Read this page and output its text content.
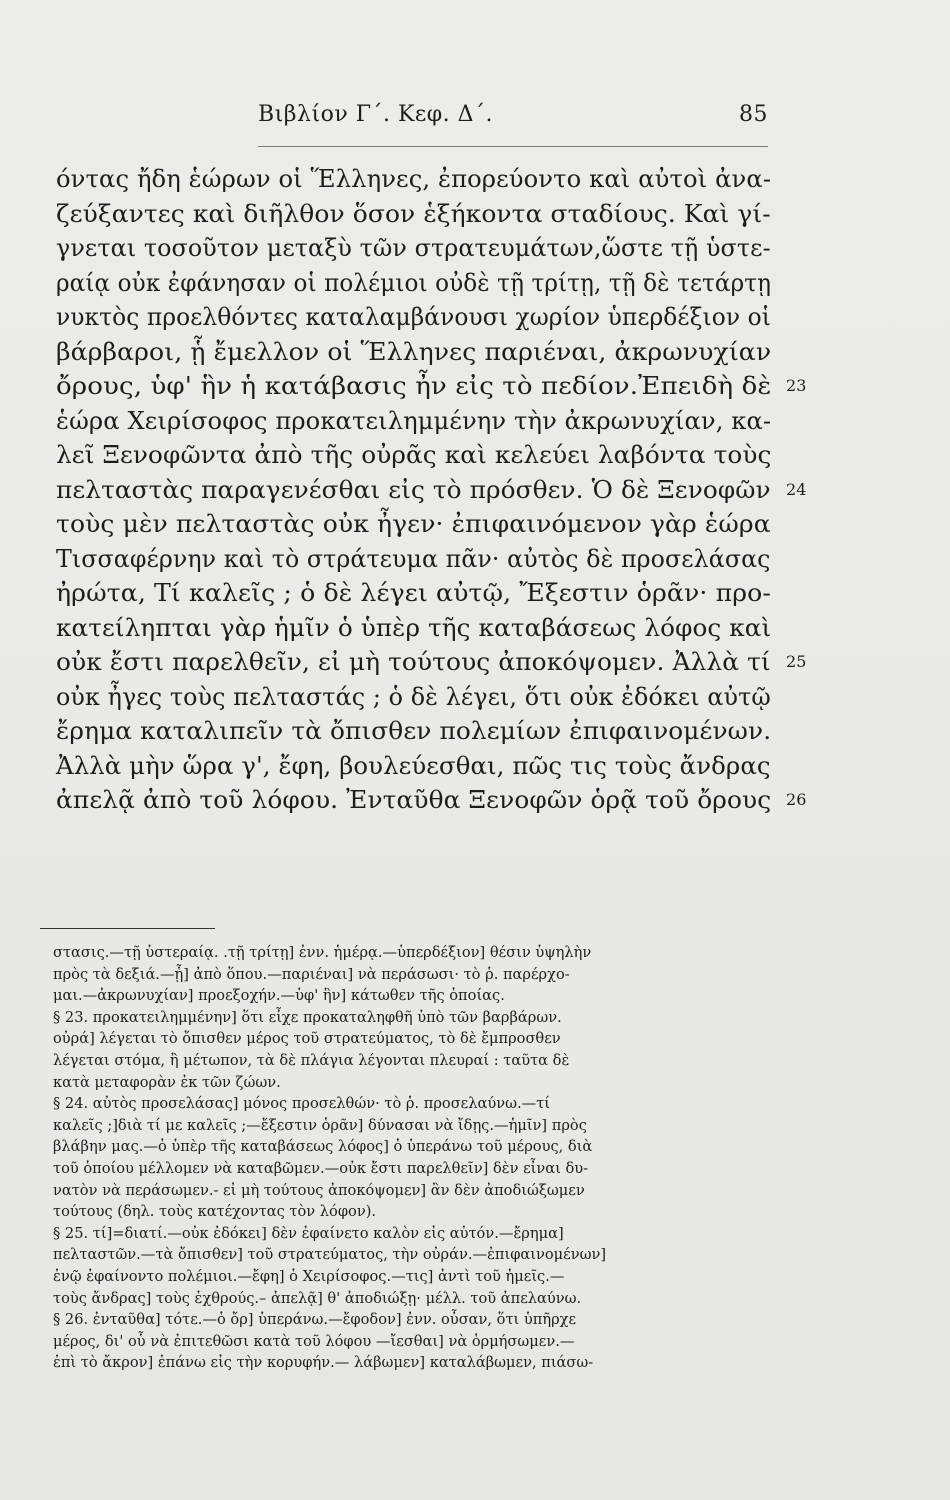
Βιβλίον Γ΄. Κεφ. Δ΄.	85
όντας ἤδη ἑώρων οἱ Ἕλληνες, ἐπορεύοντο καὶ αὐτοὶ ἀνα-
ζεύξαντες καὶ διῆλθον ὅσον ἑξήκοντα σταδίους. Καὶ γί-
γνεται τοσοῦτον μεταξὺ τῶν στρατευμάτων,ὥστε τῇ ὑστε-
ραίᾳ οὐκ ἐφάνησαν οἱ πολέμιοι οὐδὲ τῇ τρίτῃ, τῇ δὲ τετάρτῃ
νυκτὸς προελθόντες καταλαμβάνουσι χωρίον ὑπερδέξιον οἱ
βάρβαροι, ᾗ ἔμελλον οἱ Ἕλληνες παριέναι, ἀκρωνυχίαν
ὄρους, ὑφ' ἣν ἡ κατάβασις ἦν εἰς τὸ πεδίον.Ἐπειδὴ δὲ 23
ἑώρα Χειρίσοφος προκατειλημμένην τὴν ἀκρωνυχίαν, κα-
λεῖ Ξενοφῶντα ἀπὸ τῆς οὐρᾶς καὶ κελεύει λαβόντα τοὺς
πελταστὰς παραγενέσθαι εἰς τὸ πρόσθεν. Ὁ δὲ Ξενοφῶν 24
τοὺς μὲν πελταστὰς οὐκ ἦγεν· ἐπιφαινόμενον γὰρ ἑώρα
Τισσαφέρνην καὶ τὸ στράτευμα πᾶν· αὐτὸς δὲ προσελάσας
ἠρώτα, Τί καλεῖς ; ὁ δὲ λέγει αὐτῷ, Ἔξεστιν ὁρᾶν· προ-
κατείληπται γὰρ ἡμῖν ὁ ὑπὲρ τῆς καταβάσεως λόφος καὶ
οὐκ ἔστι παρελθεῖν, εἰ μὴ τούτους ἀποκόψομεν. Ἀλλὰ τί 25
οὐκ ἦγες τοὺς πελταστάς ; ὁ δὲ λέγει, ὅτι οὐκ ἐδόκει αὐτῷ
ἔρημα καταλιπεῖν τὰ ὄπισθεν πολεμίων ἐπιφαινομένων.
Ἀλλὰ μὴν ὥρα γ', ἔφη, βουλεύεσθαι, πῶς τις τοὺς ἄνδρας
ἀπελᾷ ἀπὸ τοῦ λόφου. Ἐνταῦθα Ξενοφῶν ὁρᾷ τοῦ ὄρους 26
στασις.—τῇ ὑστεραίᾳ. .τῇ τρίτῃ] ἐνν. ἡμέρᾳ.—ὑπερδέξιον] θέσιν ὑψηλὴν
πρὸς τὰ δεξιά.—ᾗ] ἀπὸ ὅπου.—παριέναι] νὰ περάσωσι· τὸ ῥ. παρέρχο-
μαι.—ἀκρωνυχίαν] προεξοχήν.—ὑφ' ἣν] κάτωθεν τῆς ὁποίας.
§ 23. προκατειλημμένην] ὅτι εἶχε προκαταληφθῆ ὑπὸ τῶν βαρβάρων.
οὐρά] λέγεται τὸ ὄπισθεν μέρος τοῦ στρατεύματος, τὸ δὲ ἔμπροσθεν
λέγεται στόμα, ἢ μέτωπον, τὰ δὲ πλάγια λέγονται πλευραί : ταῦτα δὲ
κατὰ μεταφορὰν ἐκ τῶν ζώων.
§ 24. αὐτὸς προσελάσας] μόνος προσελθών· τὸ ῥ. προσελαύνω.—τί
καλεῖς ;]διὰ τί με καλεῖς ;—ἔξεστιν ὁρᾶν] δύνασαι νὰ ἴδῃς.—ἡμῖν] πρὸς
βλάβην μας.—ὁ ὑπὲρ τῆς καταβάσεως λόφος] ὁ ὑπεράνω τοῦ μέρους, διὰ
τοῦ ὁποίου μέλλομεν νὰ καταβῶμεν.—οὐκ ἔστι παρελθεῖν] δὲν εἶναι δυ-
νατὸν νὰ περάσωμεν.- εἰ μὴ τούτους ἀποκόψομεν] ἂν δὲν ἀποδιώξωμεν
τούτους (δηλ. τοὺς κατέχοντας τὸν λόφον).
§ 25. τί]=διατί.—οὐκ ἐδόκει] δὲν ἐφαίνετο καλὸν εἰς αὐτόν.—ἔρημα]
πελταστῶν.—τὰ ὄπισθεν] τοῦ στρατεύματος, τὴν οὐράν.—ἐπιφαινομένων]
ἐνῷ ἐφαίνοντο πολέμιοι.—ἔφη] ὁ Χειρίσοφος.—τις] ἀντὶ τοῦ ἡμεῖς.—
τοὺς ἄνδρας] τοὺς ἐχθρούς.– ἀπελᾷ] θ' ἀποδιώξῃ· μέλλ. τοῦ ἀπελαύνω.
§ 26. ἐνταῦθα] τότε.—ὁ ὄρ] ὑπεράνω.—ἔφοδον] ἐνν. οὖσαν, ὅτι ὑπῆρχε
μέρος, δι' οὗ νὰ ἐπιτεθῶσι κατὰ τοῦ λόφου —ἴεσθαι] νὰ ὁρμήσωμεν.—
ἐπὶ τὸ ἄκρον] ἐπάνω εἰς τὴν κορυφήν.— λάβωμεν] καταλάβωμεν, πιάσω-
